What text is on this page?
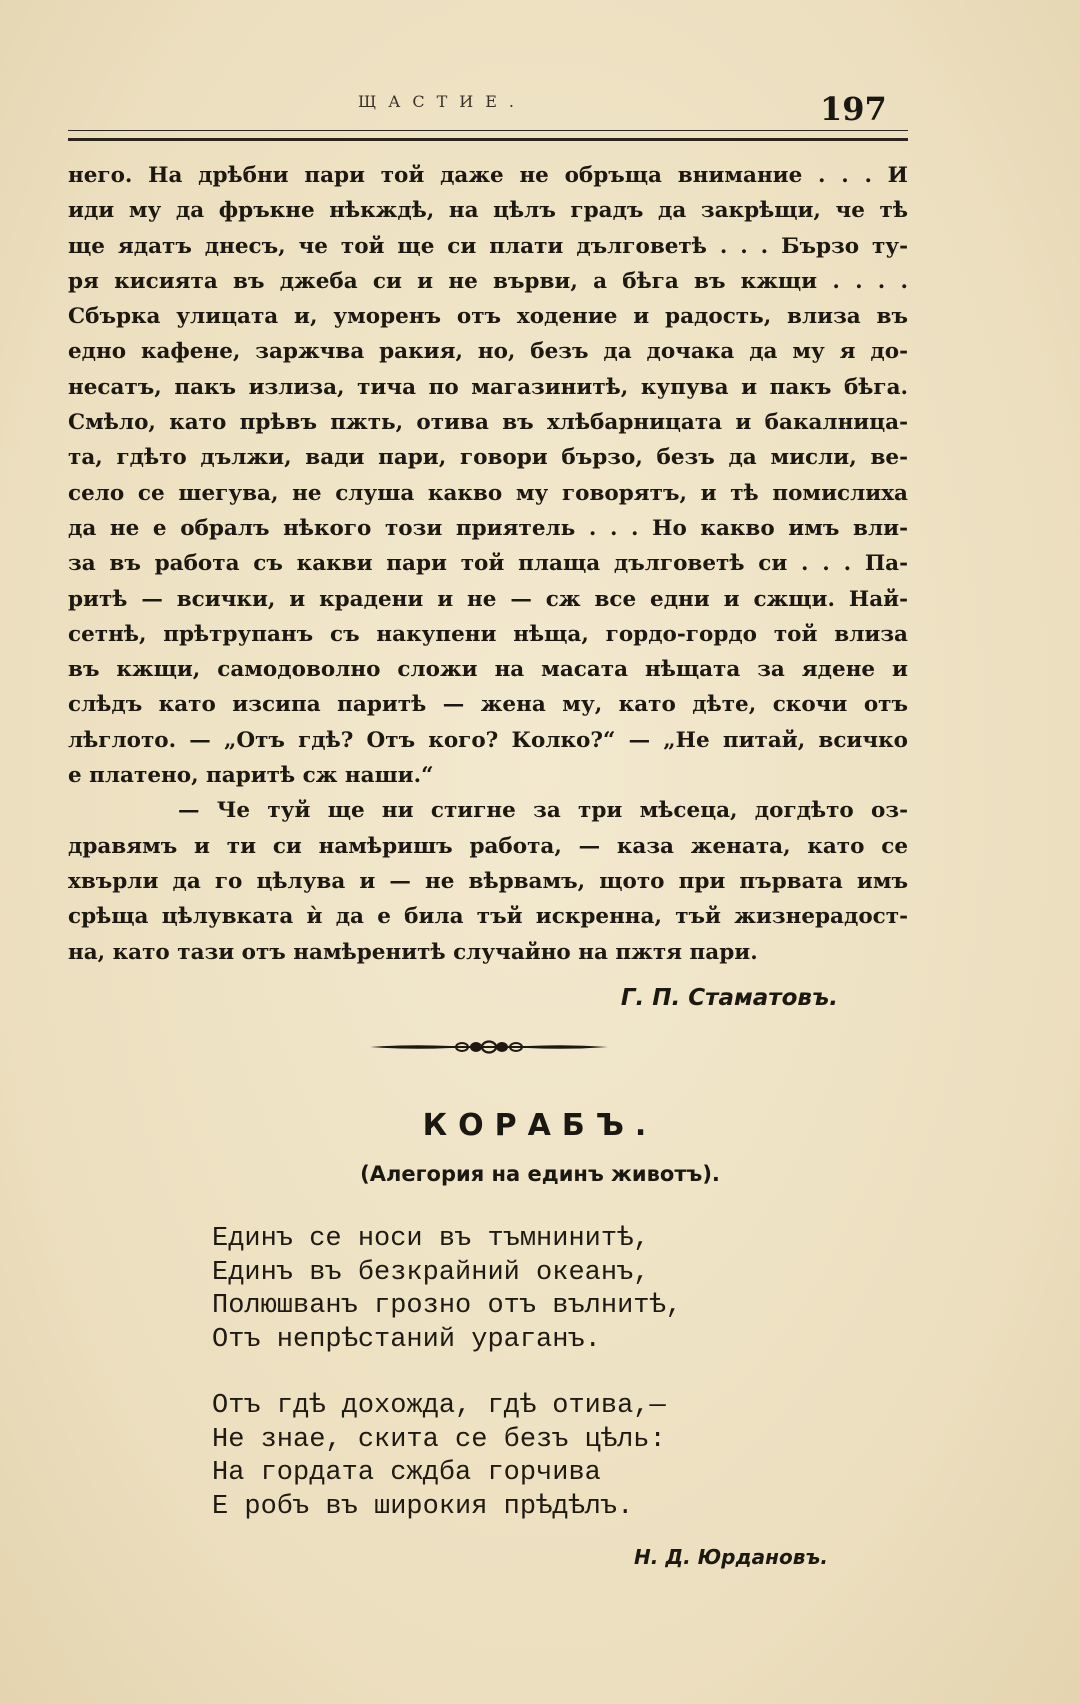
ЩАСТИЕ.	197
него. На дрѣбни пари той даже не обръща внимание . . . И
иди му да фръкне нѣкждѣ, на цѣлъ градъ да закрѣщи, че тѣ
ще ядатъ днесъ, че той ще си плати дълговетѣ . . . Бързо ту-
ря кисията въ джеба си и не върви, а бѣга въ кжщи . . . .
Сбърка улицата и, уморенъ отъ ходение и радость, влиза въ
едно кафене, заржчва ракия, но, безъ да дочака да му я до-
несатъ, пакъ излиза, тича по магазинитѣ, купува и пакъ бѣга.
Смѣло, като прѣвъ пжть, отива въ хлѣбарницата и бакалница-
та, гдѣто дължи, вади пари, говори бързо, безъ да мисли, ве-
село се шегува, не слуша какво му говорятъ, и тѣ помислиха
да не е обралъ нѣкого този приятель . . . Но какво имъ вли-
за въ работа съ какви пари той плаща дълговетѣ си . . . Па-
ритѣ — всички, и крадени и не — сж все едни и сжщи. Най-
сетнѣ, прѣтрупанъ съ накупени нѣща, гордо-гордо той влиза
въ кжщи, самодоволно сложи на масата нѣщата за ядене и
слѣдъ като изсипа паритѣ — жена му, като дѣте, скочи отъ
лѣглото. — „Отъ гдѣ? Отъ кого? Колко?“ — „Не питай, всичко
е платено, паритѣ сж наши.“
— Че туй ще ни стигне за три мѣсеца, догдѣто оз-
дравямъ и ти си намѣришъ работа, — каза жената, като се
хвърли да го цѣлува и — не вѣрвамъ, щото при първата имъ
срѣща цѣлувката ѝ да е била тъй искренна, тъй жизнерадост-
на, като тази отъ намѣренитѣ случайно на пжтя пари.
Г. П. Стаматовъ.
КОРАБЪ.
(Алегория на единъ животъ).
Единъ се носи въ тъмнинитѣ,
Единъ въ безкрайний океанъ,
Полюшванъ грозно отъ вълнитѣ,
Отъ непрѣстаний ураганъ.
Отъ гдѣ дохожда, гдѣ отива,—
Не знае, скита се безъ цѣль:
На гордата сждба горчива
Е робъ въ широкия прѣдѣлъ.
Н. Д. Юрдановъ.
